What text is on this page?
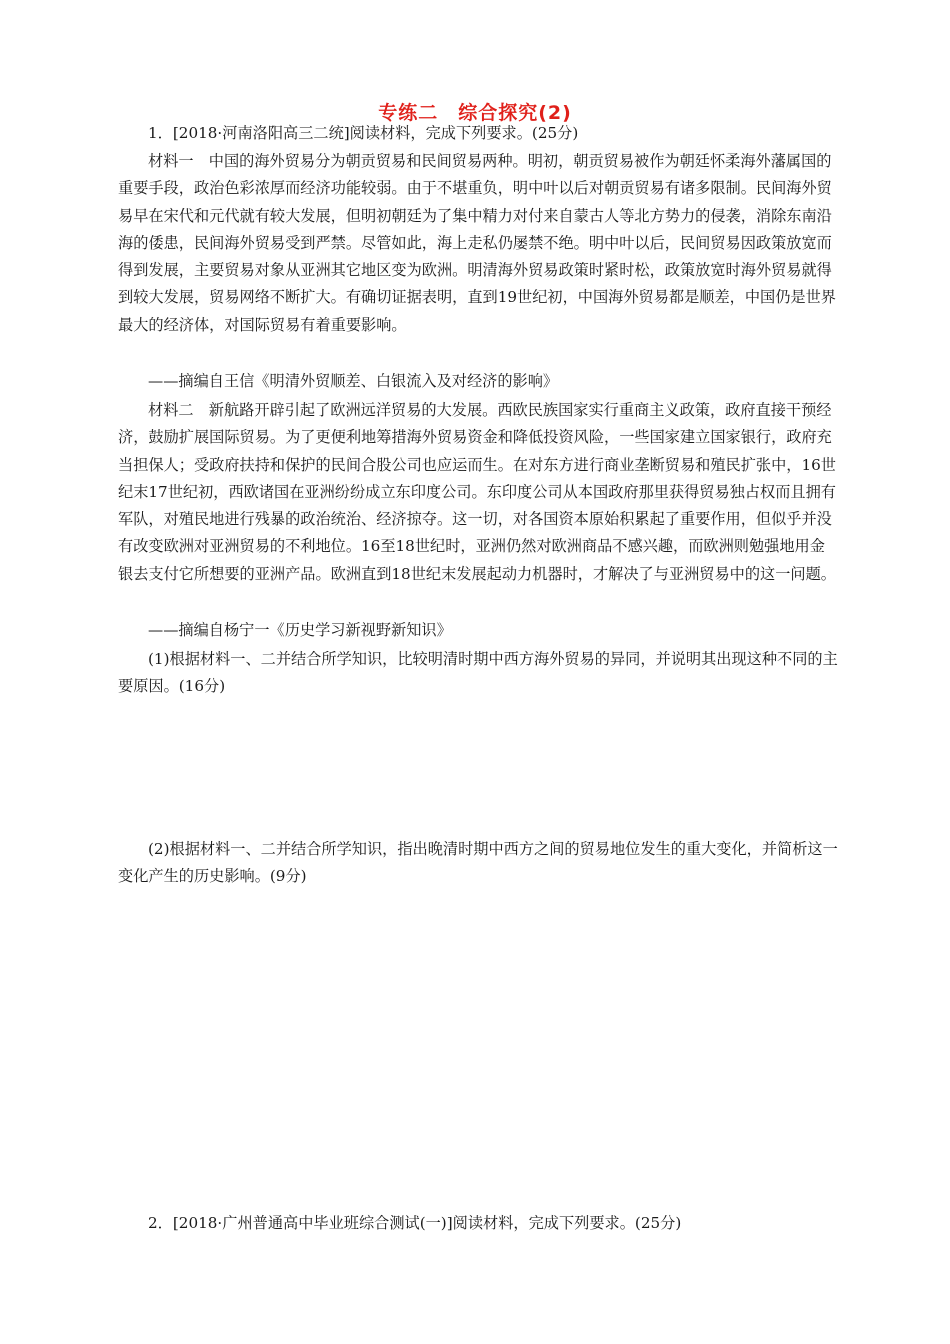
专练二　综合探究(2)

1．[2018·河南洛阳高三二统]阅读材料，完成下列要求。(25分)

材料一　中国的海外贸易分为朝贡贸易和民间贸易两种。明初，朝贡贸易被作为朝廷怀柔海外藩属国的重要手段，政治色彩浓厚而经济功能较弱。由于不堪重负，明中叶以后对朝贡贸易有诸多限制。民间海外贸易早在宋代和元代就有较大发展，但明初朝廷为了集中精力对付来自蒙古人等北方势力的侵袭，消除东南沿海的倭患，民间海外贸易受到严禁。尽管如此，海上走私仍屡禁不绝。明中叶以后，民间贸易因政策放宽而得到发展，主要贸易对象从亚洲其它地区变为欧洲。明清海外贸易政策时紧时松，政策放宽时海外贸易就得到较大发展，贸易网络不断扩大。有确切证据表明，直到19世纪初，中国海外贸易都是顺差，中国仍是世界最大的经济体，对国际贸易有着重要影响。

——摘编自王信《明清外贸顺差、白银流入及对经济的影响》

材料二　新航路开辟引起了欧洲远洋贸易的大发展。西欧民族国家实行重商主义政策，政府直接干预经济，鼓励扩展国际贸易。为了更便利地筹措海外贸易资金和降低投资风险，一些国家建立国家银行，政府充当担保人；受政府扶持和保护的民间合股公司也应运而生。在对东方进行商业垄断贸易和殖民扩张中，16世纪末17世纪初，西欧诸国在亚洲纷纷成立东印度公司。东印度公司从本国政府那里获得贸易独占权而且拥有军队，对殖民地进行残暴的政治统治、经济掠夺。这一切，对各国资本原始积累起了重要作用，但似乎并没有改变欧洲对亚洲贸易的不利地位。16至18世纪时，亚洲仍然对欧洲商品不感兴趣，而欧洲则勉强地用金银去支付它所想要的亚洲产品。欧洲直到18世纪末发展起动力机器时，才解决了与亚洲贸易中的这一问题。

——摘编自杨宁一《历史学习新视野新知识》

(1)根据材料一、二并结合所学知识，比较明清时期中西方海外贸易的异同，并说明其出现这种不同的主要原因。(16分)

(2)根据材料一、二并结合所学知识，指出晚清时期中西方之间的贸易地位发生的重大变化，并简析这一变化产生的历史影响。(9分)

2．[2018·广州普通高中毕业班综合测试(一)]阅读材料，完成下列要求。(25分)
